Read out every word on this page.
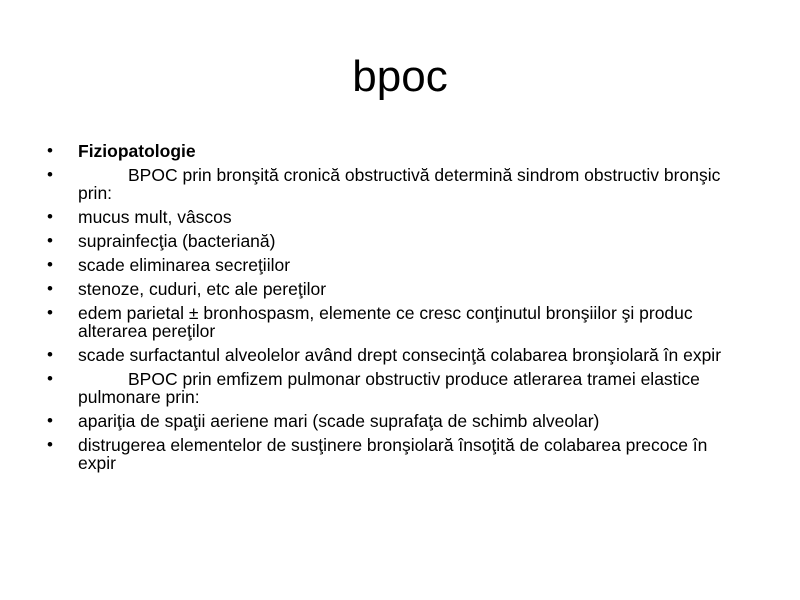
bpoc
• Fiziopatologie
•	BPOC prin bronşită cronică obstructivă determină sindrom obstructiv bronşic prin:
• mucus mult, vâscos
• suprainfecţia (bacteriană)
• scade eliminarea secreţiilor
• stenoze, cuduri, etc ale pereţilor
• edem parietal ± bronhospasm, elemente ce cresc conţinutul bronşiilor şi produc alterarea pereţilor
• scade surfactantul alveolelor având drept consecinţă colabarea bronşiolară în expir
•	BPOC prin emfizem pulmonar obstructiv produce atlerarea tramei elastice pulmonare prin:
• apariţia de spaţii aeriene mari (scade suprafaţa de schimb alveolar)
• distrugerea elementelor de susţinere bronşiolară însoţită de colabarea precoce în expir
